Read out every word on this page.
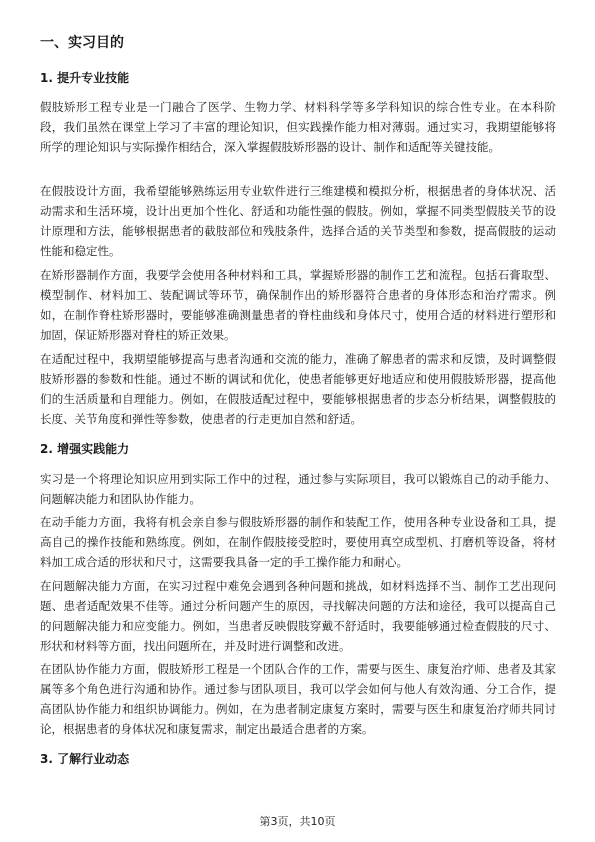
一、实习目的
1. 提升专业技能

假肢矫形工程专业是一门融合了医学、生物力学、材料科学等多学科知识的综合性专业。在本科阶段，我们虽然在课堂上学习了丰富的理论知识，但实践操作能力相对薄弱。通过实习，我期望能够将所学的理论知识与实际操作相结合，深入掌握假肢矫形器的设计、制作和适配等关键技能。

在假肢设计方面，我希望能够熟练运用专业软件进行三维建模和模拟分析，根据患者的身体状况、活动需求和生活环境，设计出更加个性化、舒适和功能性强的假肢。例如，掌握不同类型假肢关节的设计原理和方法，能够根据患者的截肢部位和残肢条件，选择合适的关节类型和参数，提高假肢的运动性能和稳定性。

在矫形器制作方面，我要学会使用各种材料和工具，掌握矫形器的制作工艺和流程。包括石膏取型、模型制作、材料加工、装配调试等环节，确保制作出的矫形器符合患者的身体形态和治疗需求。例如，在制作脊柱矫形器时，要能够准确测量患者的脊柱曲线和身体尺寸，使用合适的材料进行塑形和加固，保证矫形器对脊柱的矫正效果。

在适配过程中，我期望能够提高与患者沟通和交流的能力，准确了解患者的需求和反馈，及时调整假肢矫形器的参数和性能。通过不断的调试和优化，使患者能够更好地适应和使用假肢矫形器，提高他们的生活质量和自理能力。例如，在假肢适配过程中，要能够根据患者的步态分析结果，调整假肢的长度、关节角度和弹性等参数，使患者的行走更加自然和舒适。

2. 增强实践能力

实习是一个将理论知识应用到实际工作中的过程，通过参与实际项目，我可以锻炼自己的动手能力、问题解决能力和团队协作能力。

在动手能力方面，我将有机会亲自参与假肢矫形器的制作和装配工作，使用各种专业设备和工具，提高自己的操作技能和熟练度。例如，在制作假肢接受腔时，要使用真空成型机、打磨机等设备，将材料加工成合适的形状和尺寸，这需要我具备一定的手工操作能力和耐心。

在问题解决能力方面，在实习过程中难免会遇到各种问题和挑战，如材料选择不当、制作工艺出现问题、患者适配效果不佳等。通过分析问题产生的原因，寻找解决问题的方法和途径，我可以提高自己的问题解决能力和应变能力。例如，当患者反映假肢穿戴不舒适时，我要能够通过检查假肢的尺寸、形状和材料等方面，找出问题所在，并及时进行调整和改进。

在团队协作能力方面，假肢矫形工程是一个团队合作的工作，需要与医生、康复治疗师、患者及其家属等多个角色进行沟通和协作。通过参与团队项目，我可以学会如何与他人有效沟通、分工合作，提高团队协作能力和组织协调能力。例如，在为患者制定康复方案时，需要与医生和康复治疗师共同讨论，根据患者的身体状况和康复需求，制定出最适合患者的方案。

3. 了解行业动态
第3页，共10页
